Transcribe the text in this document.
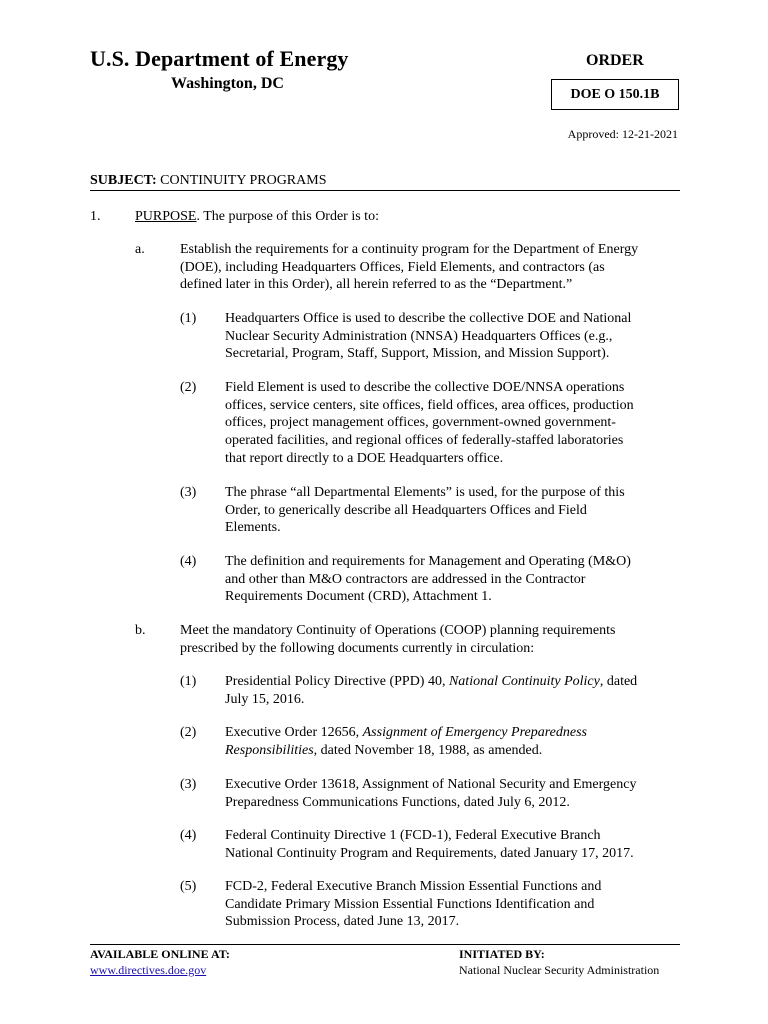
U.S. Department of Energy
Washington, DC
ORDER
DOE O 150.1B
Approved: 12-21-2021
SUBJECT: CONTINUITY PROGRAMS
1. PURPOSE. The purpose of this Order is to:
a.	Establish the requirements for a continuity program for the Department of Energy
(DOE), including Headquarters Offices, Field Elements, and contractors (as
defined later in this Order), all herein referred to as the “Department.”
(1) Headquarters Office is used to describe the collective DOE and National
Nuclear Security Administration (NNSA) Headquarters Offices (e.g.,
Secretarial, Program, Staff, Support, Mission, and Mission Support).
(2) Field Element is used to describe the collective DOE/NNSA operations
offices, service centers, site offices, field offices, area offices, production
offices, project management offices, government-owned government-
operated facilities, and regional offices of federally-staffed laboratories
that report directly to a DOE Headquarters office.
(3) The phrase “all Departmental Elements” is used, for the purpose of this
Order, to generically describe all Headquarters Offices and Field
Elements.
(4) The definition and requirements for Management and Operating (M&O)
and other than M&O contractors are addressed in the Contractor
Requirements Document (CRD), Attachment 1.
b. Meet the mandatory Continuity of Operations (COOP) planning requirements
prescribed by the following documents currently in circulation:
(1) Presidential Policy Directive (PPD) 40, National Continuity Policy, dated
July 15, 2016.
(2) Executive Order 12656, Assignment of Emergency Preparedness
Responsibilities, dated November 18, 1988, as amended.
(3) Executive Order 13618, Assignment of National Security and Emergency
Preparedness Communications Functions, dated July 6, 2012.
(4) Federal Continuity Directive 1 (FCD-1), Federal Executive Branch
National Continuity Program and Requirements, dated January 17, 2017.
(5) FCD-2, Federal Executive Branch Mission Essential Functions and
Candidate Primary Mission Essential Functions Identification and
Submission Process, dated June 13, 2017.
AVAILABLE ONLINE AT:
www.directives.doe.gov
INITIATED BY:
National Nuclear Security Administration
